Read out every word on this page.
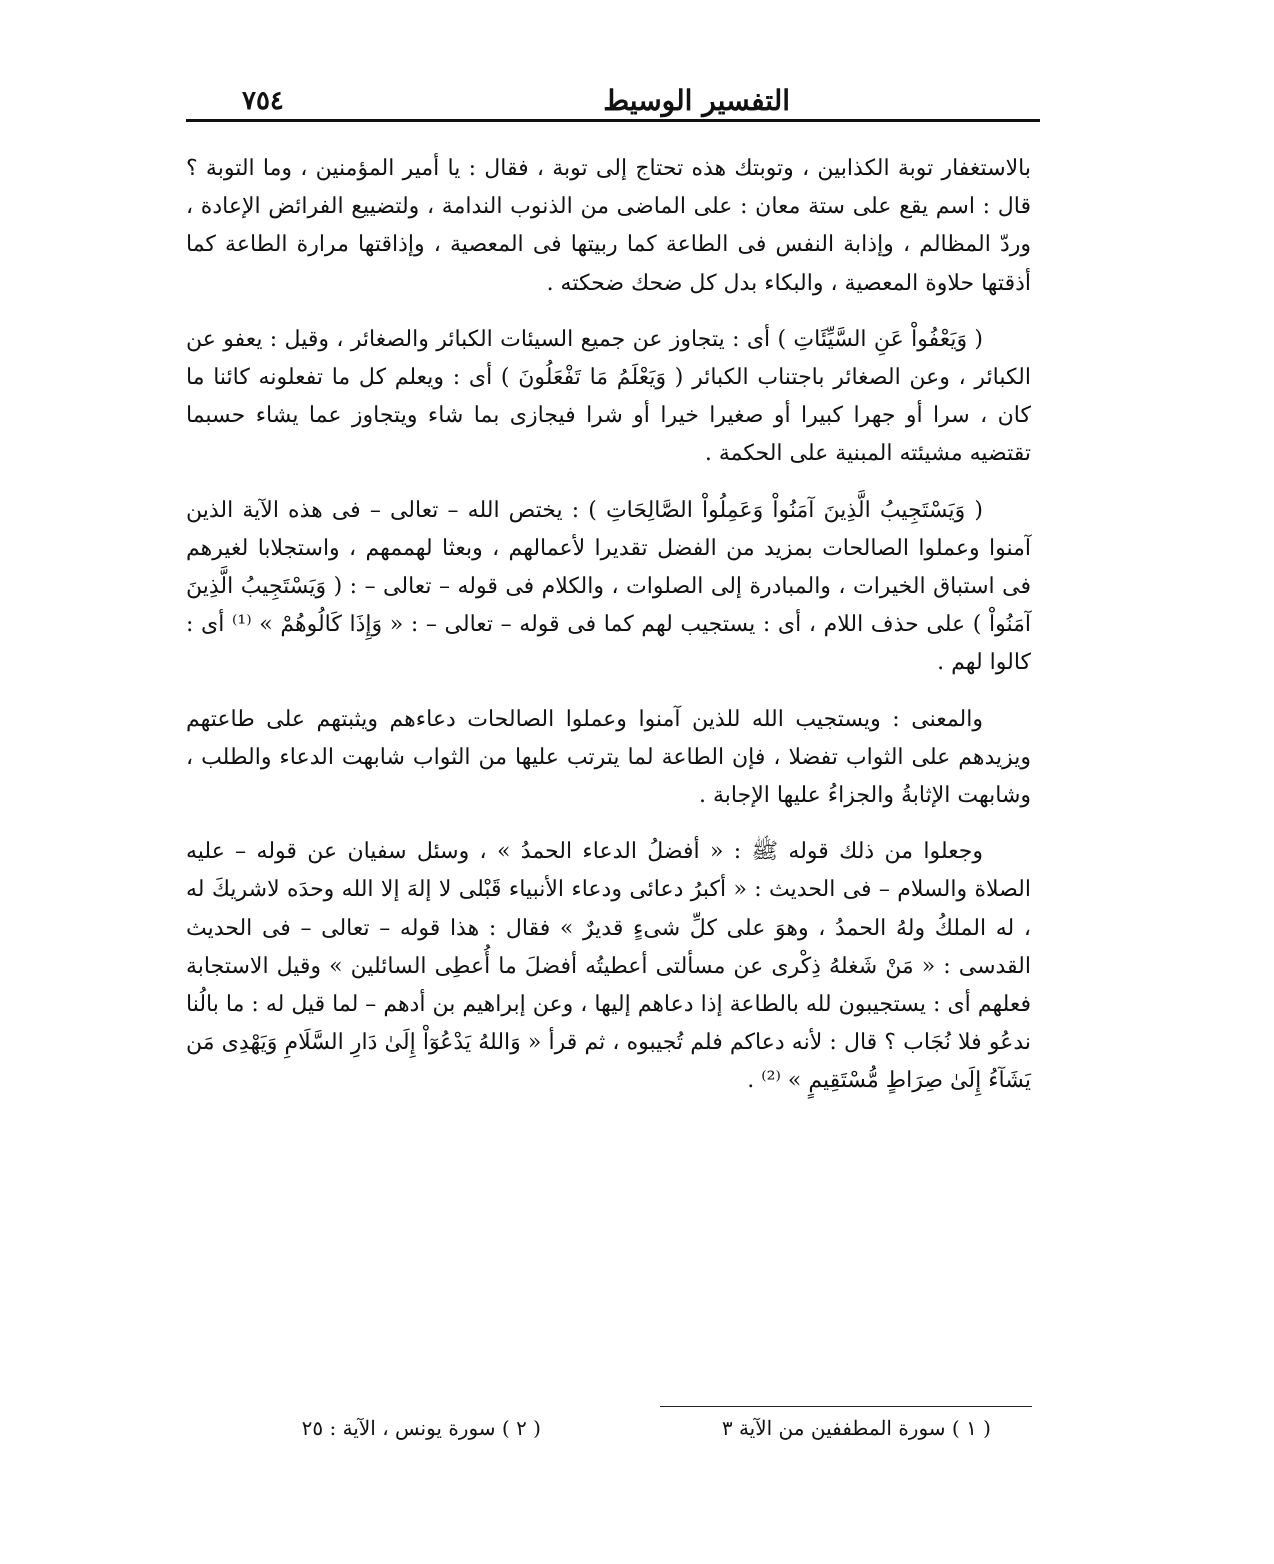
٧٥٤	التفسير الوسيط

بالاستغفار توبة الكذابين ، وتوبتك هذه تحتاج إلى توبة ، فقال : يا أمير المؤمنين ، وما التوبة ؟ قال : اسم يقع على ستة معان : على الماضى من الذنوب الندامة ، ولتضييع الفرائض الإعادة ، وردّ المظالم ، وإذابة النفس فى الطاعة كما ربيتها فى المعصية ، وإذاقتها مرارة الطاعة كما أذقتها حلاوة المعصية ، والبكاء بدل كل ضحك ضحكته .

( وَيَعْفُواْ عَنِ السَّيِّئَاتِ ) أى : يتجاوز عن جميع السيئات الكبائر والصغائر ، وقيل : يعفو عن الكبائر ، وعن الصغائر باجتناب الكبائر ( وَيَعْلَمُ مَا تَفْعَلُونَ ) أى : ويعلم كل ما تفعلونه كائنا ما كان ، سرا أو جهرا كبيرا أو صغيرا خيرا أو شرا فيجازى بما شاء ويتجاوز عما يشاء حسبما تقتضيه مشيئته المبنية على الحكمة .

( وَيَسْتَجِيبُ الَّذِينَ آمَنُواْ وَعَمِلُواْ الصَّالِحَاتِ ) : يختص الله – تعالى – فى هذه الآية الذين آمنوا وعملوا الصالحات بمزيد من الفضل تقديرا لأعمالهم ، وبعثا لهممهم ، واستجلابا لغيرهم فى استباق الخيرات ، والمبادرة إلى الصلوات ، والكلام فى قوله – تعالى – : ( وَيَسْتَجِيبُ الَّذِينَ آمَنُواْ ) على حذف اللام ، أى : يستجيب لهم كما فى قوله – تعالى – : « وَإِذَا كَالُوهُمْ » ⁽¹⁾ أى : كالوا لهم .

والمعنى : ويستجيب الله للذين آمنوا وعملوا الصالحات دعاءهم ويثبتهم على طاعتهم ويزيدهم على الثواب تفضلا ، فإن الطاعة لما يترتب عليها من الثواب شابهت الدعاء والطلب ، وشابهت الإثابةُ والجزاءُ عليها الإجابة .

وجعلوا من ذلك قوله ﷺ : « أفضلُ الدعاء الحمدُ » ، وسئل سفيان عن قوله – عليه الصلاة والسلام – فى الحديث : « أكبرُ دعائى ودعاء الأنبياء قَبْلى لا إلهَ إلا الله وحدَه لاشريكَ له ، له الملكُ ولهُ الحمدُ ، وهوَ على كلِّ شىءٍ قديرٌ » فقال : هذا قوله – تعالى – فى الحديث القدسى : « مَنْ شَغلهُ ذِكْرى عن مسألتى أعطيتُه أفضلَ ما أُعطِى السائلين » وقيل الاستجابة فعلهم أى : يستجيبون لله بالطاعة إذا دعاهم إليها ، وعن إبراهيم بن أدهم – لما قيل له : ما بالُنا ندعُو فلا نُجَاب ؟ قال : لأنه دعاكم فلم تُجيبوه ، ثم قرأ « وَاللهُ يَدْعُوٓاْ إِلَىٰ دَارِ السَّلَامِ وَيَهْدِى مَن يَشَآءُ إِلَىٰ صِرَاطٍ مُّسْتَقِيمٍ » ⁽²⁾ .

( ١ ) سورة المطففين من الآية ٣
( ٢ ) سورة يونس ، الآية : ٢٥
